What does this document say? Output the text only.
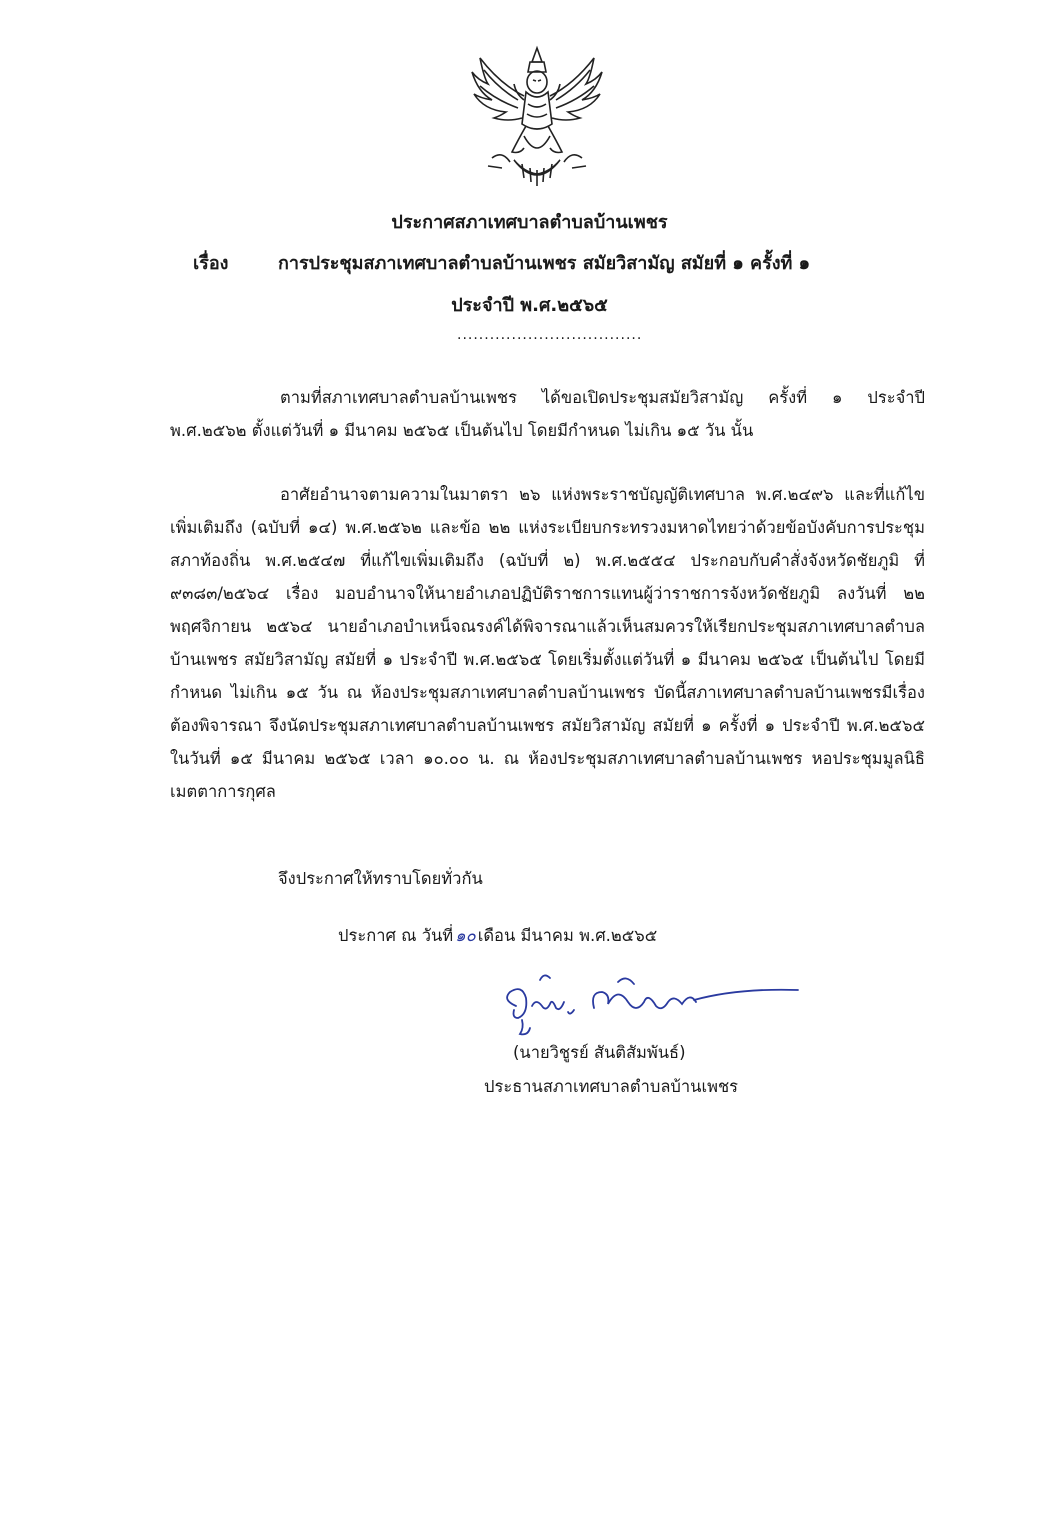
ประกาศสภาเทศบาลตำบลบ้านเพชร
เรื่อง	การประชุมสภาเทศบาลตำบลบ้านเพชร สมัยวิสามัญ สมัยที่ ๑ ครั้งที่ ๑
ประจำปี พ.ศ.๒๕๖๕
..................................
ตามที่สภาเทศบาลตำบลบ้านเพชร ได้ขอเปิดประชุมสมัยวิสามัญ ครั้งที่ ๑ ประจำปี พ.ศ.๒๕๖๒ ตั้งแต่วันที่ ๑ มีนาคม ๒๕๖๕ เป็นต้นไป โดยมีกำหนด ไม่เกิน ๑๕ วัน นั้น
อาศัยอำนาจตามความในมาตรา ๒๖ แห่งพระราชบัญญัติเทศบาล พ.ศ.๒๔๙๖ และที่แก้ไขเพิ่มเติมถึง (ฉบับที่ ๑๔) พ.ศ.๒๕๖๒ และข้อ ๒๒ แห่งระเบียบกระทรวงมหาดไทยว่าด้วยข้อบังคับการประชุมสภาท้องถิ่น พ.ศ.๒๕๔๗ ที่แก้ไขเพิ่มเติมถึง (ฉบับที่ ๒) พ.ศ.๒๕๕๔ ประกอบกับคำสั่งจังหวัดชัยภูมิ ที่ ๙๓๘๓/๒๕๖๔ เรื่อง มอบอำนาจให้นายอำเภอปฏิบัติราชการแทนผู้ว่าราชการจังหวัดชัยภูมิ ลงวันที่ ๒๒ พฤศจิกายน ๒๕๖๔ นายอำเภอบำเหน็จณรงค์ได้พิจารณาแล้วเห็นสมควรให้เรียกประชุมสภาเทศบาลตำบลบ้านเพชร สมัยวิสามัญ สมัยที่ ๑ ประจำปี พ.ศ.๒๕๖๕ โดยเริ่มตั้งแต่วันที่ ๑ มีนาคม ๒๕๖๕ เป็นต้นไป โดยมีกำหนด ไม่เกิน ๑๕ วัน ณ ห้องประชุมสภาเทศบาลตำบลบ้านเพชร บัดนี้สภาเทศบาลตำบลบ้านเพชรมีเรื่องต้องพิจารณา จึงนัดประชุมสภาเทศบาลตำบลบ้านเพชร สมัยวิสามัญ สมัยที่ ๑ ครั้งที่ ๑ ประจำปี พ.ศ.๒๕๖๕ ในวันที่ ๑๕ มีนาคม ๒๕๖๕ เวลา ๑๐.๐๐ น. ณ ห้องประชุมสภาเทศบาลตำบลบ้านเพชร หอประชุมมูลนิธิเมตตาการกุศล
จึงประกาศให้ทราบโดยทั่วกัน
ประกาศ ณ วันที่ ๑๐ เดือน มีนาคม พ.ศ.๒๕๖๕
(นายวิชูรย์ สันติสัมพันธ์)
ประธานสภาเทศบาลตำบลบ้านเพชร
